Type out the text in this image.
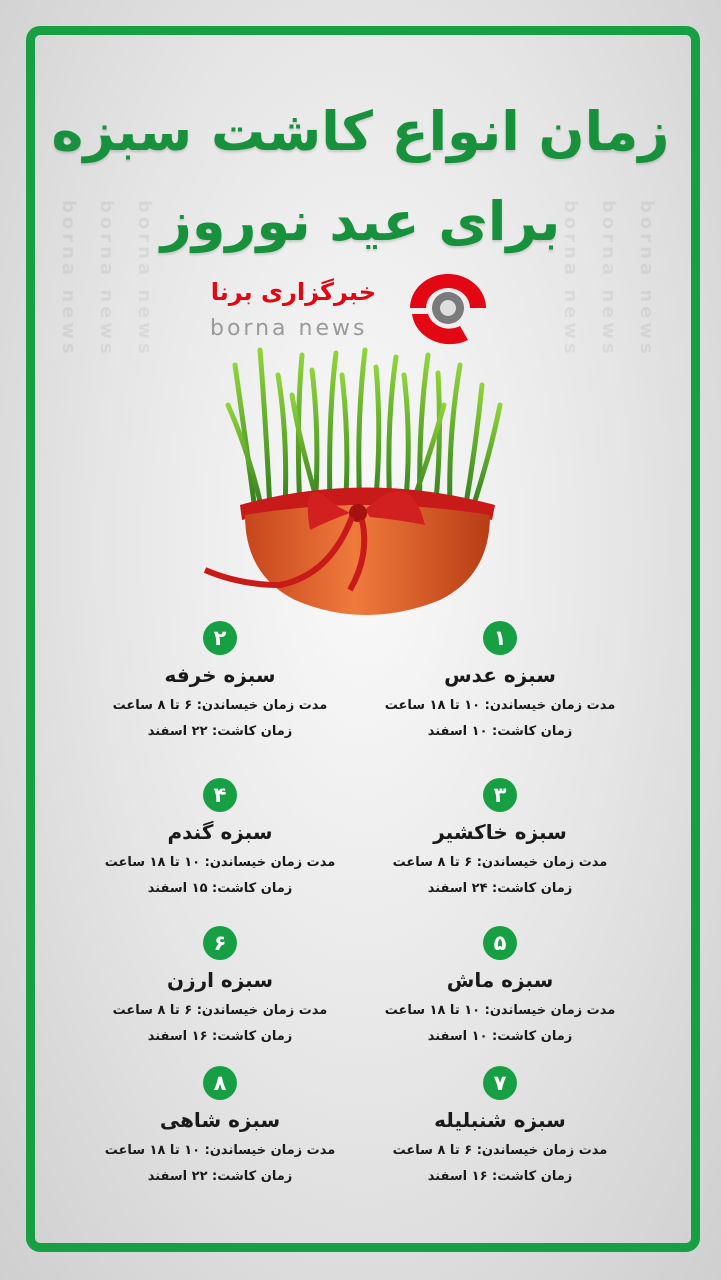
borna news borna news borna news	borna news borna news borna news
زمان انواع کاشت سبزه
برای عید نوروز
خبرگزاری برنا
borna news
۱
سبزه عدس
مدت زمان خیساندن: ۱۰ تا ۱۸ ساعت
زمان کاشت: ۱۰ اسفند
۲
سبزه خرفه
مدت زمان خیساندن: ۶ تا ۸ ساعت
زمان کاشت: ۲۲ اسفند
۳
سبزه خاکشیر
مدت زمان خیساندن: ۶ تا ۸ ساعت
زمان کاشت: ۲۴ اسفند
۴
سبزه گندم
مدت زمان خیساندن: ۱۰ تا ۱۸ ساعت
زمان کاشت: ۱۵ اسفند
۵
سبزه ماش
مدت زمان خیساندن: ۱۰ تا ۱۸ ساعت
زمان کاشت: ۱۰ اسفند
۶
سبزه ارزن
مدت زمان خیساندن: ۶ تا ۸ ساعت
زمان کاشت: ۱۶ اسفند
۷
سبزه شنبلیله
مدت زمان خیساندن: ۶ تا ۸ ساعت
زمان کاشت: ۱۶ اسفند
۸
سبزه شاهی
مدت زمان خیساندن: ۱۰ تا ۱۸ ساعت
زمان کاشت: ۲۲ اسفند
